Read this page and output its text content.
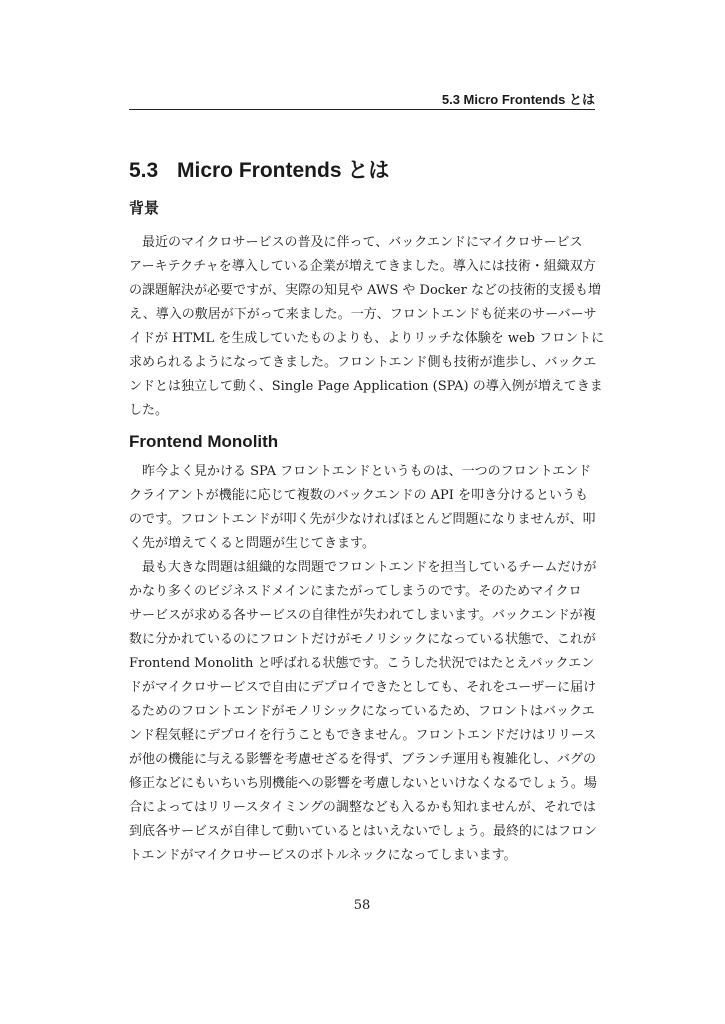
5.3 Micro Frontends とは
5.3 Micro Frontends とは
背景
最近のマイクロサービスの普及に伴って、バックエンドにマイクロサービス
アーキテクチャを導入している企業が増えてきました。導入には技術・組織双方
の課題解決が必要ですが、実際の知見や AWS や Docker などの技術的支援も増
え、導入の敷居が下がって来ました。一方、フロントエンドも従来のサーバーサ
イドが HTML を生成していたものよりも、よりリッチな体験を web フロントに
求められるようになってきました。フロントエンド側も技術が進歩し、バックエ
ンドとは独立して動く、Single Page Application (SPA) の導入例が増えてきま
した。
Frontend Monolith
昨今よく見かける SPA フロントエンドというものは、一つのフロントエンド
クライアントが機能に応じて複数のバックエンドの API を叩き分けるというも
のです。フロントエンドが叩く先が少なければほとんど問題になりませんが、叩
く先が増えてくると問題が生じてきます。
最も大きな問題は組織的な問題でフロントエンドを担当しているチームだけが
かなり多くのビジネスドメインにまたがってしまうのです。そのためマイクロ
サービスが求める各サービスの自律性が失われてしまいます。バックエンドが複
数に分かれているのにフロントだけがモノリシックになっている状態で、これが
Frontend Monolith と呼ばれる状態です。こうした状況ではたとえバックエン
ドがマイクロサービスで自由にデプロイできたとしても、それをユーザーに届け
るためのフロントエンドがモノリシックになっているため、フロントはバックエ
ンド程気軽にデプロイを行うこともできません。フロントエンドだけはリリース
が他の機能に与える影響を考慮せざるを得ず、ブランチ運用も複雑化し、バグの
修正などにもいちいち別機能への影響を考慮しないといけなくなるでしょう。場
合によってはリリースタイミングの調整なども入るかも知れませんが、それでは
到底各サービスが自律して動いているとはいえないでしょう。最終的にはフロン
トエンドがマイクロサービスのボトルネックになってしまいます。
58
